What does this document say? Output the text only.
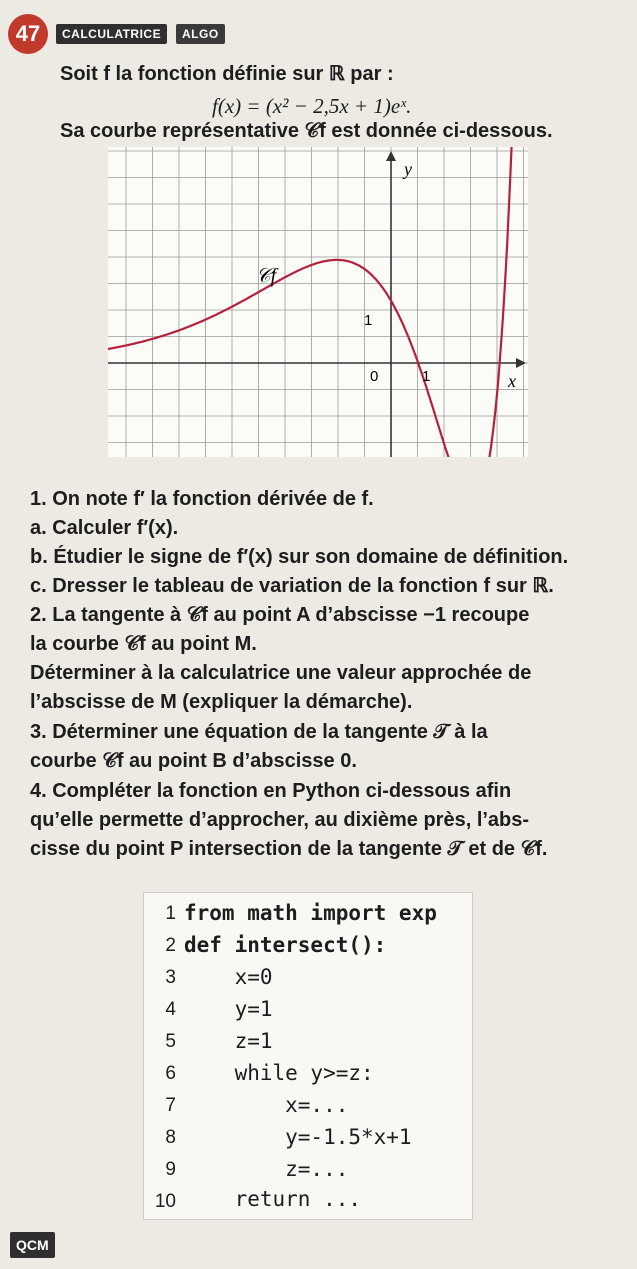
47	CALCULATRICE	ALGO
Soit f la fonction définie sur ℝ par :
f(x) = (x² − 2,5x + 1)eˣ.
Sa courbe représentative 𝒞f est donnée ci-dessous.
y
x
0	1
1
𝒞f
1. On note f′ la fonction dérivée de f.
a. Calculer f′(x).
b. Étudier le signe de f′(x) sur son domaine de définition.
c. Dresser le tableau de variation de la fonction f sur ℝ.
2. La tangente à 𝒞f au point A d’abscisse −1 recoupe
la courbe 𝒞f au point M.
Déterminer à la calculatrice une valeur approchée de
l’abscisse de M (expliquer la démarche).
3. Déterminer une équation de la tangente 𝒯 à la
courbe 𝒞f au point B d’abscisse 0.
4. Compléter la fonction en Python ci-dessous afin
qu’elle permette d’approcher, au dixième près, l’abs-
cisse du point P intersection de la tangente 𝒯 et de 𝒞f.
1 from math import exp
2 def intersect():
3 x=0
4 y=1
5 z=1
6 while y>=z:
7 x=...
8 y=-1.5*x+1
9 z=...
10 return ...
QCM
